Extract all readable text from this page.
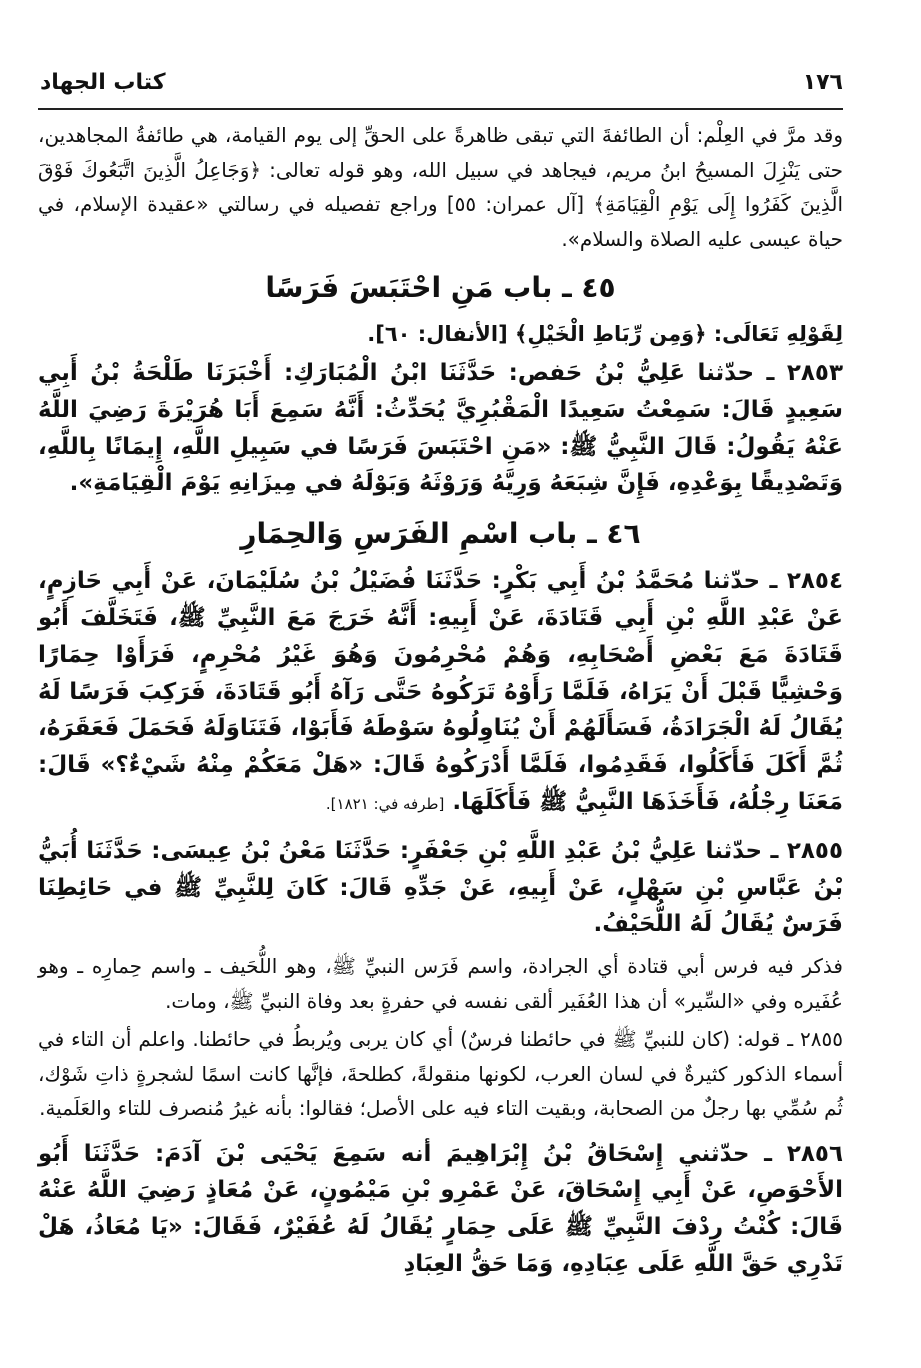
١٧٦
كتاب الجهاد

وقد مرَّ في العِلْم: أن الطائفةَ التي تبقى ظاهرةً على الحقِّ إلى يوم القيامة، هي طائفةُ المجاهدين، حتى يَنْزِلَ المسيحُ ابنُ مريم، فيجاهد في سبيل الله، وهو قوله تعالى: ﴿وَجَاعِلُ الَّذِينَ اتَّبَعُوكَ فَوْقَ الَّذِينَ كَفَرُوا إِلَى يَوْمِ الْقِيَامَةِ﴾ [آل عمران: ٥٥] وراجع تفصيله في رسالتي «عقيدة الإسلام، في حياة عيسى عليه الصلاة والسلام».

٤٥ ـ باب مَنِ احْتَبَسَ فَرَسًا

لِقَوْلِهِ تَعَالَى: ﴿وَمِن رِّبَاطِ الْخَيْلِ﴾ [الأنفال: ٦٠].

٢٨٥٣ ـ حدّثنا عَلِيُّ بْنُ حَفص: حَدَّثَنَا ابْنُ الْمُبَارَكِ: أَخْبَرَنَا طَلْحَةُ بْنُ أَبِي سَعِيدٍ قَالَ: سَمِعْتُ سَعِيدًا الْمَقْبُرِيَّ يُحَدِّثُ: أَنَّهُ سَمِعَ أَبَا هُرَيْرَةَ رَضِيَ اللَّهُ عَنْهُ يَقُولُ: قَالَ النَّبِيُّ ﷺ: «مَنِ احْتَبَسَ فَرَسًا في سَبِيلِ اللَّهِ، إِيمَانًا بِاللَّهِ، وَتَصْدِيقًا بِوَعْدِهِ، فَإِنَّ شِبَعَهُ وَرِيَّهُ وَرَوْثَهُ وَبَوْلَهُ في مِيزَانِهِ يَوْمَ الْقِيَامَةِ».

٤٦ ـ باب اسْمِ الفَرَسِ وَالحِمَارِ

٢٨٥٤ ـ حدّثنا مُحَمَّدُ بْنُ أَبِي بَكْرٍ: حَدَّثَنَا فُضَيْلُ بْنُ سُلَيْمَانَ، عَنْ أَبِي حَازِمٍ، عَنْ عَبْدِ اللَّهِ بْنِ أَبِي قَتَادَةَ، عَنْ أَبِيهِ: أَنَّهُ خَرَجَ مَعَ النَّبِيِّ ﷺ، فَتَخَلَّفَ أَبُو قَتَادَةَ مَعَ بَعْضِ أَصْحَابِهِ، وَهُمْ مُحْرِمُونَ وَهُوَ غَيْرُ مُحْرِمٍ، فَرَأَوْا حِمَارًا وَحْشِيًّا قَبْلَ أَنْ يَرَاهُ، فَلَمَّا رَأَوْهُ تَرَكُوهُ حَتَّى رَآهُ أَبُو قَتَادَةَ، فَرَكِبَ فَرَسًا لَهُ يُقَالُ لَهُ الْجَرَادَةُ، فَسَأَلَهُمْ أَنْ يُنَاوِلُوهُ سَوْطَهُ فَأَبَوْا، فَتَنَاوَلَهُ فَحَمَلَ فَعَقَرَهُ، ثُمَّ أَكَلَ فَأَكَلُوا، فَقَدِمُوا، فَلَمَّا أَدْرَكُوهُ قَالَ: «هَلْ مَعَكُمْ مِنْهُ شَيْءٌ؟» قَالَ: مَعَنَا رِجْلُهُ، فَأَخَذَهَا النَّبِيُّ ﷺ فَأَكَلَهَا. [طرفه في: ١٨٢١].

٢٨٥٥ ـ حدّثنا عَلِيُّ بْنُ عَبْدِ اللَّهِ بْنِ جَعْفَرٍ: حَدَّثَنَا مَعْنُ بْنُ عِيسَى: حَدَّثَنَا أُبَيُّ بْنُ عَبَّاسِ بْنِ سَهْلٍ، عَنْ أَبِيهِ، عَنْ جَدِّهِ قَالَ: كَانَ لِلنَّبِيِّ ﷺ في حَائِطِنَا فَرَسٌ يُقَالُ لَهُ اللُّحَيْفُ.

فذكر فيه فرس أبي قتادة أي الجرادة، واسم فَرَس النبيِّ ﷺ، وهو اللُّحَيف ـ واسم حِمارِه ـ وهو عُفَيره وفي «السِّير» أن هذا العُفَير ألقى نفسه في حفرةٍ بعد وفاة النبيِّ ﷺ، ومات.

٢٨٥٥ ـ قوله: (كان للنبيِّ ﷺ في حائطنا فرسٌ) أي كان يربى ويُربطُ في حائطنا. واعلم أن التاء في أسماء الذكور كثيرةٌ في لسان العرب، لكونها منقولةً، كطلحةَ، فإنَّها كانت اسمًا لشجرةٍ ذاتِ شَوْك، ثُم سُمِّي بها رجلٌ من الصحابة، وبقيت التاء فيه على الأصل؛ فقالوا: بأنه غيرُ مُنصرف للتاء والعَلَمية.

٢٨٥٦ ـ حدّثني إِسْحَاقُ بْنُ إِبْرَاهِيمَ أنه سَمِعَ يَحْيَى بْنَ آدَمَ: حَدَّثَنَا أَبُو الأَحْوَصِ، عَنْ أَبِي إِسْحَاقَ، عَنْ عَمْرِو بْنِ مَيْمُونٍ، عَنْ مُعَاذٍ رَضِيَ اللَّهُ عَنْهُ قَالَ: كُنْتُ رِدْفَ النَّبِيِّ ﷺ عَلَى حِمَارٍ يُقَالُ لَهُ عُفَيْرٌ، فَقَالَ: «يَا مُعَاذُ، هَلْ تَدْرِي حَقَّ اللَّهِ عَلَى عِبَادِهِ، وَمَا حَقُّ العِبَادِ
